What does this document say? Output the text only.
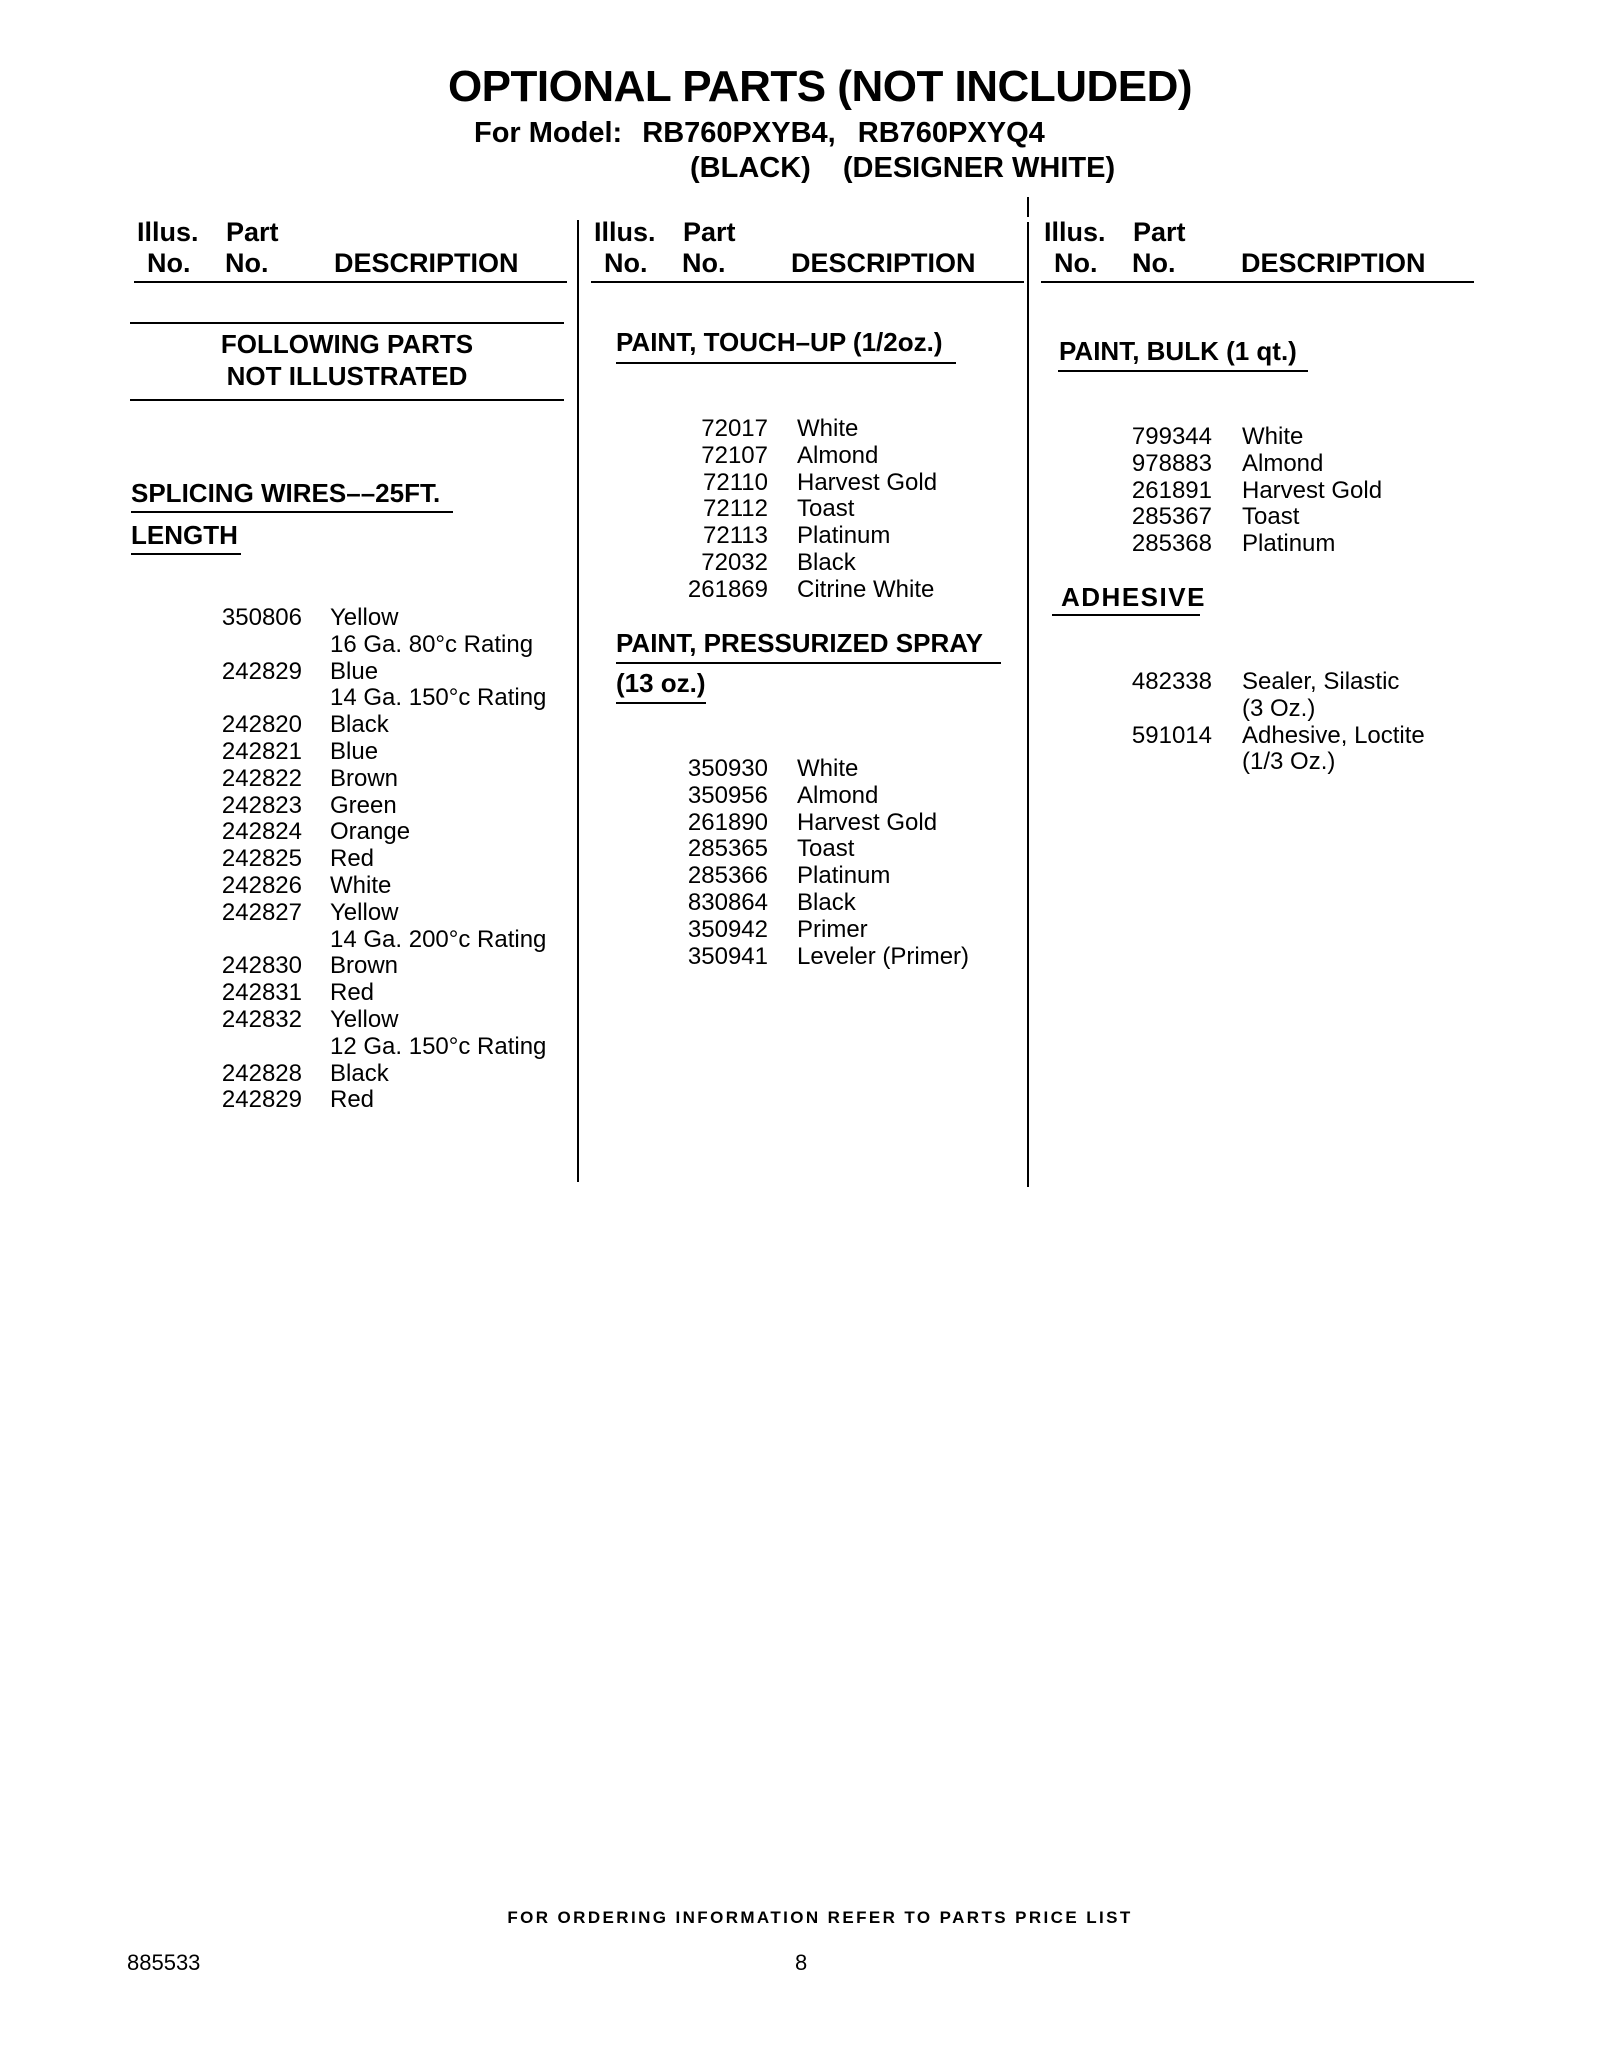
OPTIONAL PARTS (NOT INCLUDED)
For Model: RB760PXYB4, RB760PXYQ4
(BLACK) (DESIGNER WHITE)
Illus. Part
No. No. DESCRIPTION
Illus. Part
No. No. DESCRIPTION
Illus. Part
No. No. DESCRIPTION
FOLLOWING PARTS
NOT ILLUSTRATED
SPLICING WIRES––25FT.
LENGTH
350806 Yellow
16 Ga. 80°c Rating
242829 Blue
14 Ga. 150°c Rating
242820 Black
242821 Blue
242822 Brown
242823 Green
242824 Orange
242825 Red
242826 White
242827 Yellow
14 Ga. 200°c Rating
242830 Brown
242831 Red
242832 Yellow
12 Ga. 150°c Rating
242828 Black
242829 Red
PAINT, TOUCH–UP (1/2oz.)
72017 White
72107 Almond
72110 Harvest Gold
72112 Toast
72113 Platinum
72032 Black
261869 Citrine White
PAINT, PRESSURIZED SPRAY
(13 oz.)
350930 White
350956 Almond
261890 Harvest Gold
285365 Toast
285366 Platinum
830864 Black
350942 Primer
350941 Leveler (Primer)
PAINT, BULK (1 qt.)
799344 White
978883 Almond
261891 Harvest Gold
285367 Toast
285368 Platinum
ADHESIVE
482338 Sealer, Silastic
(3 Oz.)
591014 Adhesive, Loctite
(1/3 Oz.)
FOR ORDERING INFORMATION REFER TO PARTS PRICE LIST
885533	8
